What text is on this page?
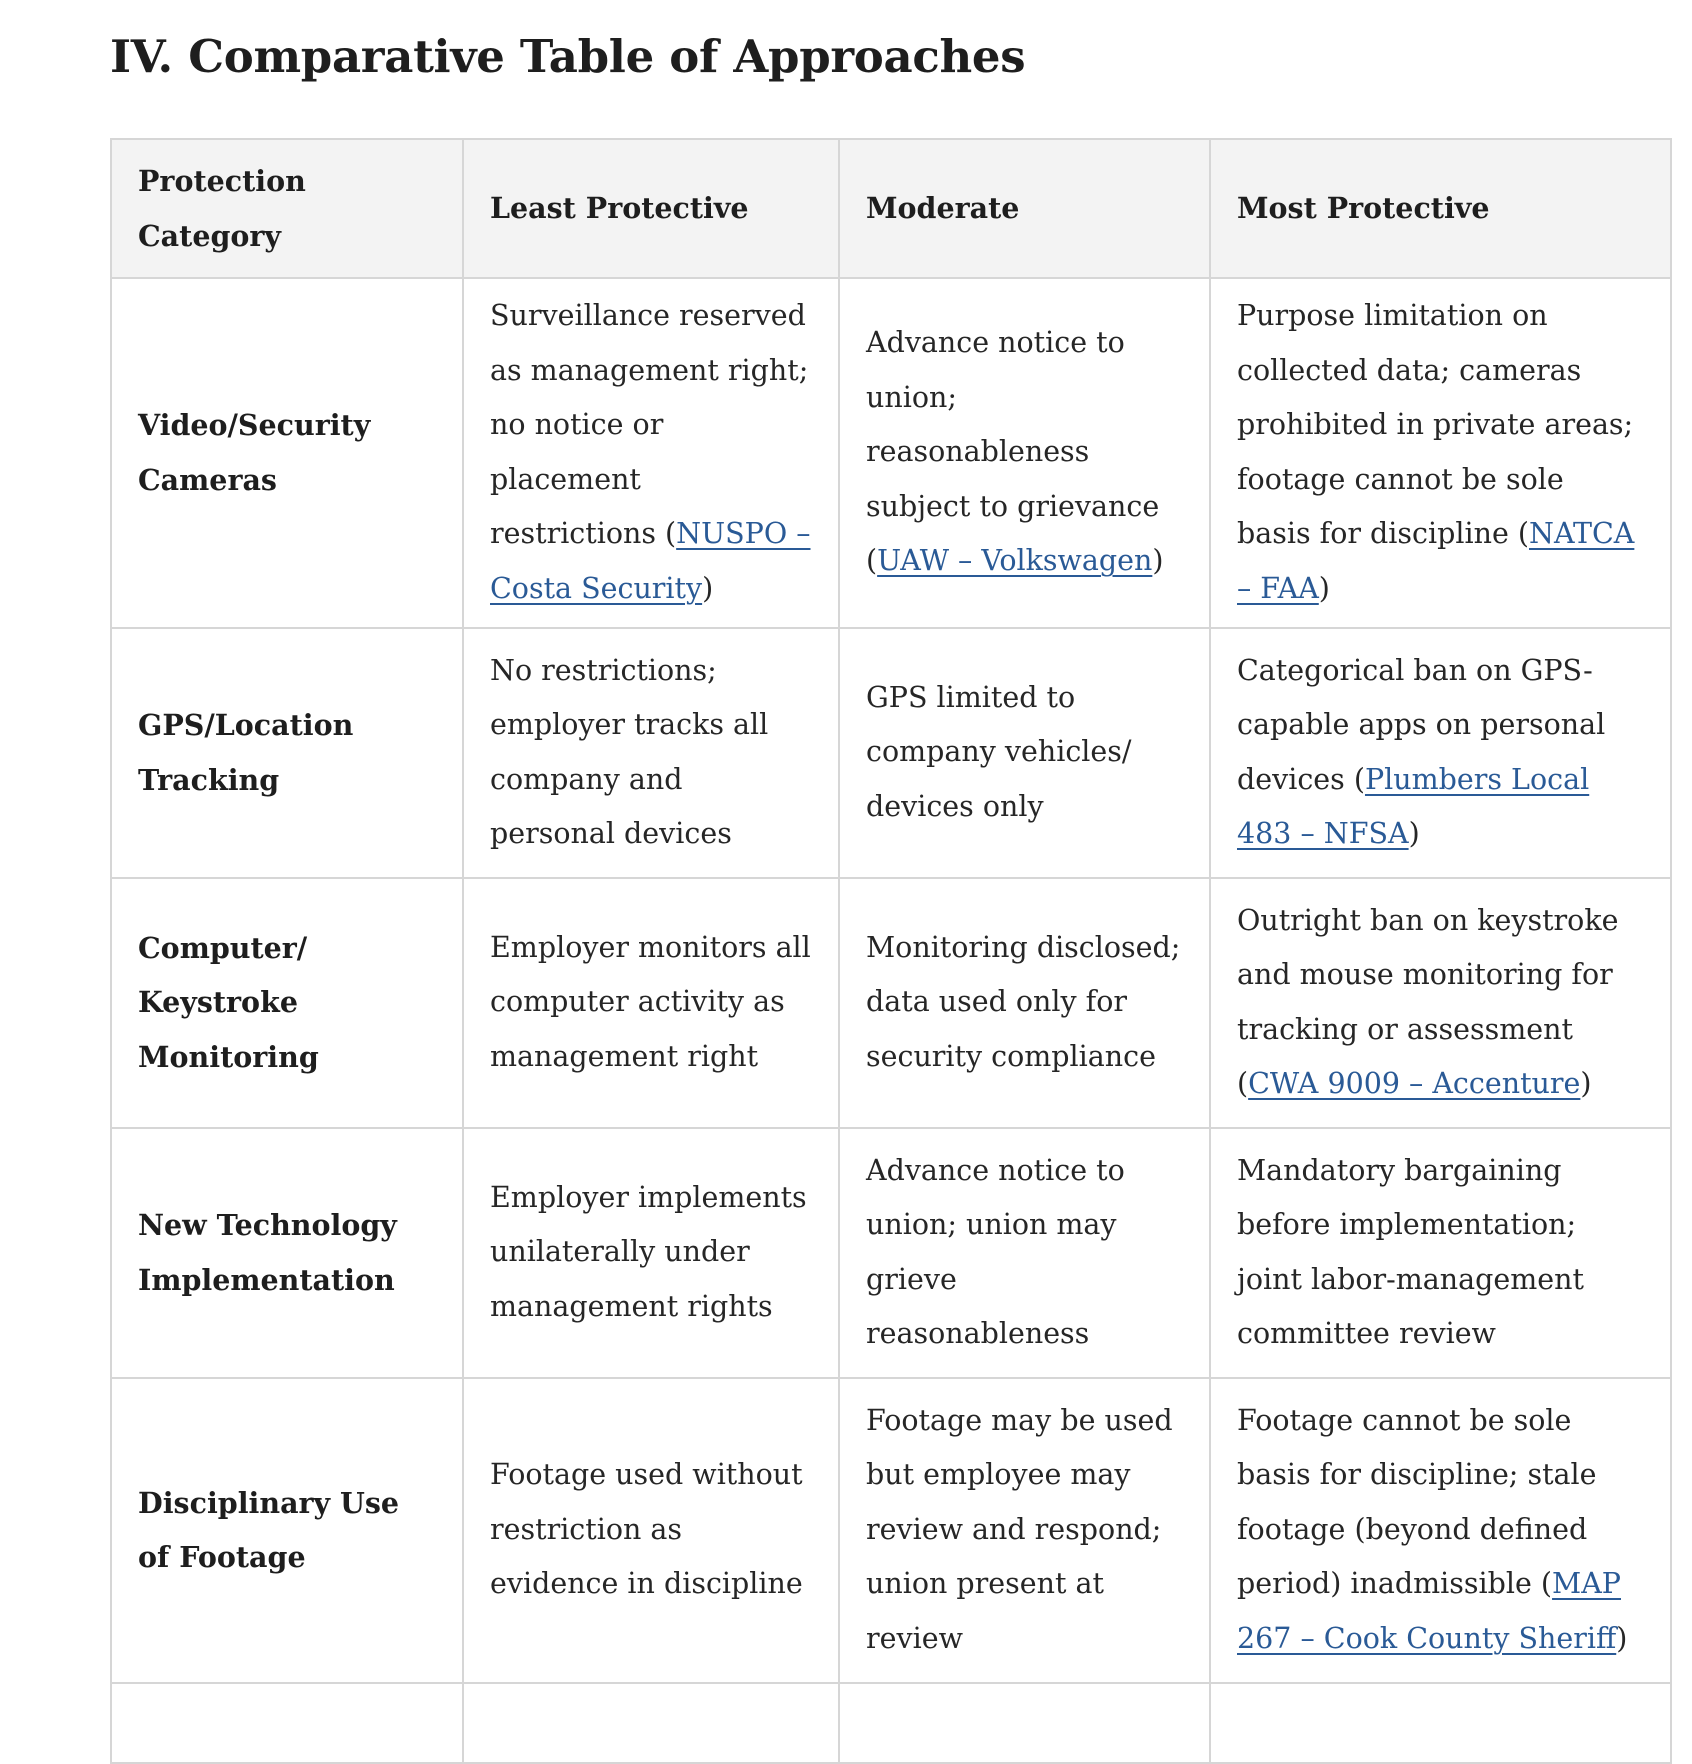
IV. Comparative Table of Approaches
Protection Category	Least Protective	Moderate	Most Protective
Video/Security Cameras	Surveillance reserved as management right; no notice or placement restrictions (NUSPO – Costa Security)	Advance notice to union; reasonableness subject to grievance (UAW – Volkswagen)	Purpose limitation on collected data; cameras prohibited in private areas; footage cannot be sole basis for discipline (NATCA – FAA)
GPS/Location Tracking	No restrictions; employer tracks all company and personal devices	GPS limited to company vehicles/ devices only	Categorical ban on GPS-capable apps on personal devices (Plumbers Local 483 – NFSA)
Computer/ Keystroke Monitoring	Employer monitors all computer activity as management right	Monitoring disclosed; data used only for security compliance	Outright ban on keystroke and mouse monitoring for tracking or assessment (CWA 9009 – Accenture)
New Technology Implementation	Employer implements unilaterally under management rights	Advance notice to union; union may grieve reasonableness	Mandatory bargaining before implementation; joint labor-management committee review
Disciplinary Use of Footage	Footage used without restriction as evidence in discipline	Footage may be used but employee may review and respond; union present at review	Footage cannot be sole basis for discipline; stale footage (beyond defined period) inadmissible (MAP 267 – Cook County Sheriff)
